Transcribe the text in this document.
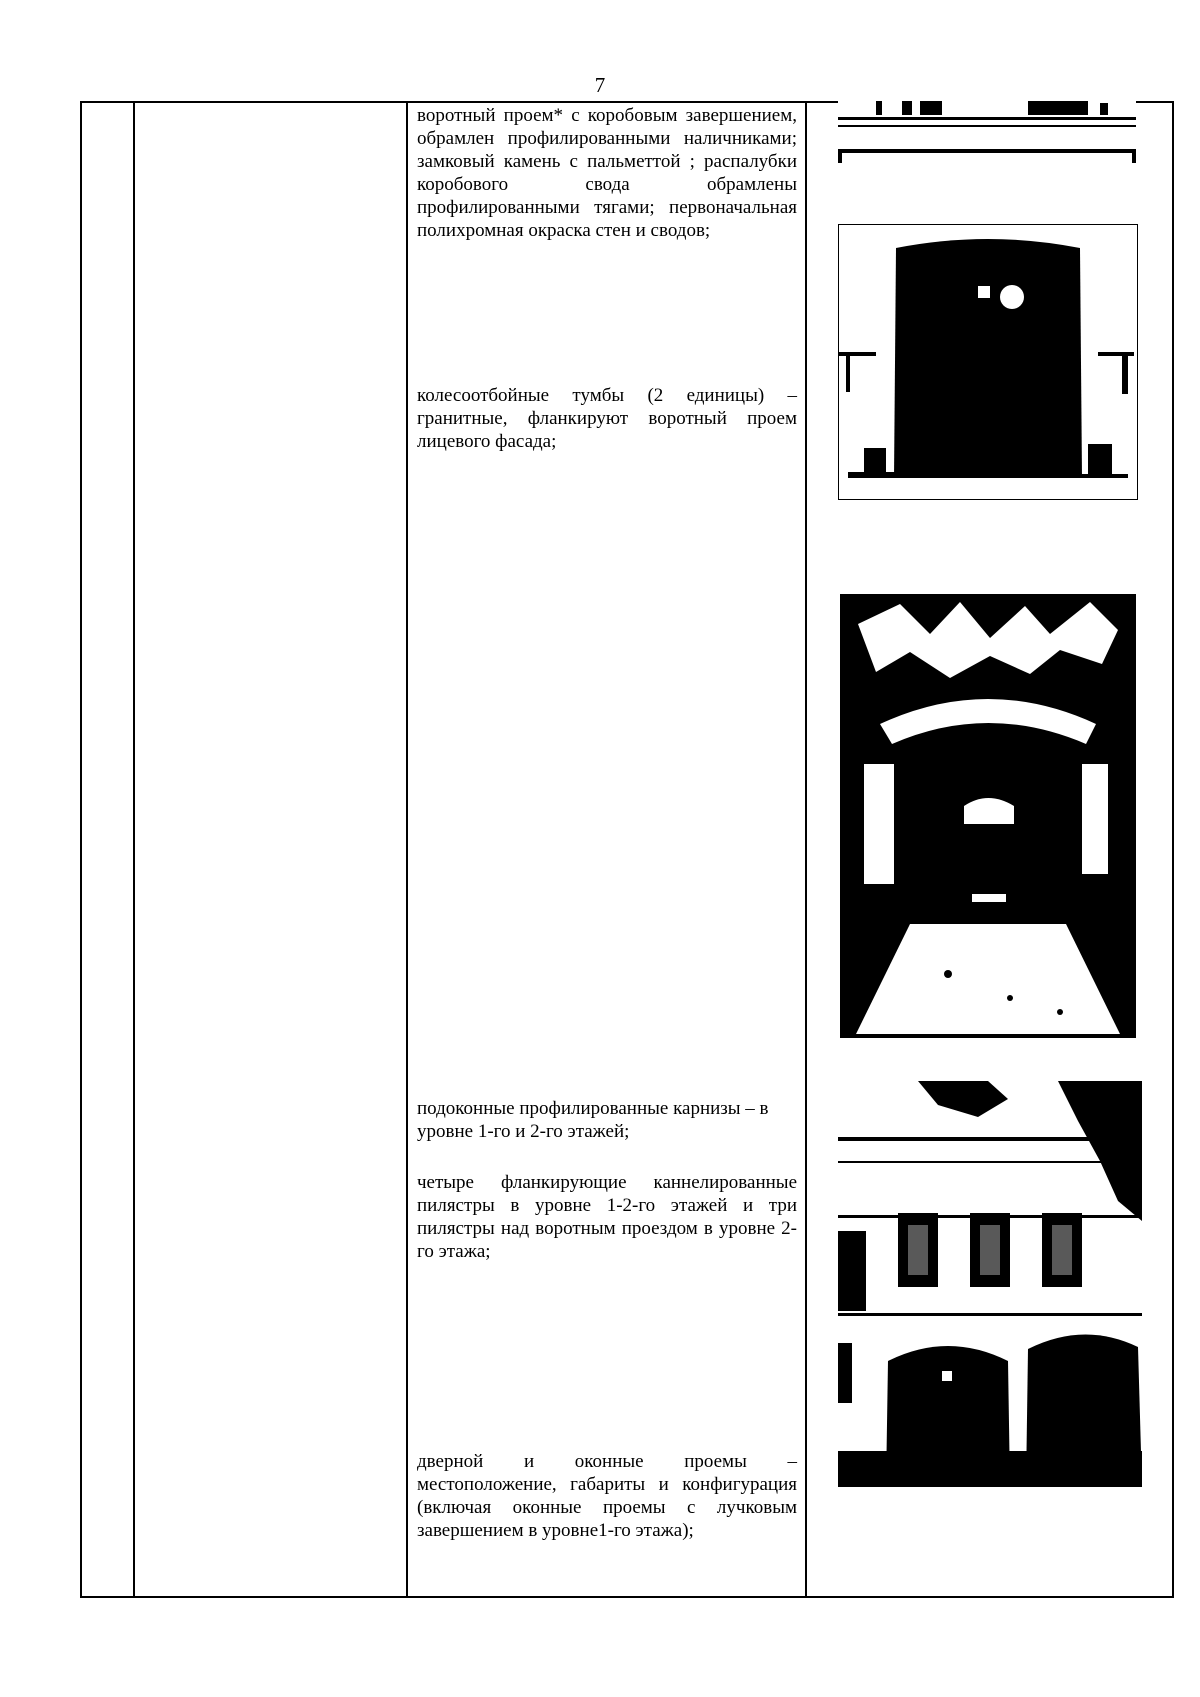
7
воротный проем* с коробовым завершением, обрамлен профилированными наличниками; замковый камень с пальметтой ; распалубки коробового свода обрамлены профилированными тягами; первоначальная полихромная окраска стен и сводов;
колесоотбойные тумбы (2 единицы) – гранитные, фланкируют воротный проем лицевого фасада;
подоконные профилированные карнизы – в уровне 1-го и 2-го этажей;
четыре фланкирующие каннелированные пилястры в уровне 1-2-го этажей и три пилястры над воротным проездом в уровне 2-го этажа;
дверной и оконные проемы – местоположение, габариты и конфигурация (включая оконные проемы с лучковым завершением в уровне1-го этажа);
